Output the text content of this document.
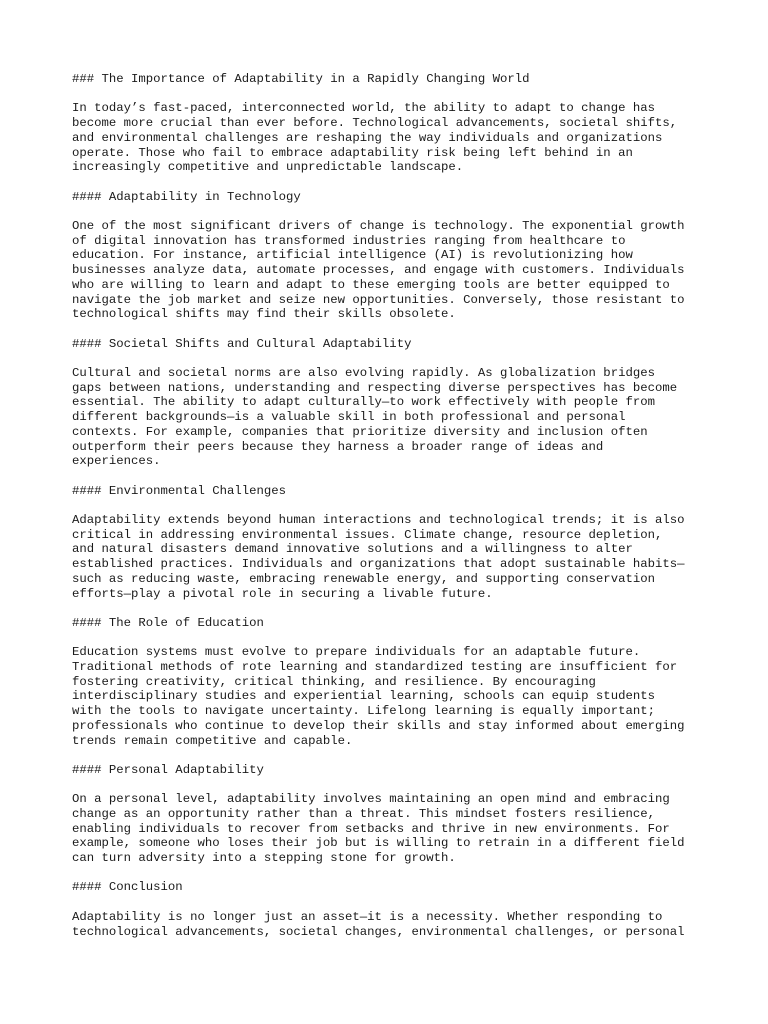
### The Importance of Adaptability in a Rapidly Changing World
In today’s fast-paced, interconnected world, the ability to adapt to change has
become more crucial than ever before. Technological advancements, societal shifts,
and environmental challenges are reshaping the way individuals and organizations
operate. Those who fail to embrace adaptability risk being left behind in an
increasingly competitive and unpredictable landscape.
#### Adaptability in Technology
One of the most significant drivers of change is technology. The exponential growth
of digital innovation has transformed industries ranging from healthcare to
education. For instance, artificial intelligence (AI) is revolutionizing how
businesses analyze data, automate processes, and engage with customers. Individuals
who are willing to learn and adapt to these emerging tools are better equipped to
navigate the job market and seize new opportunities. Conversely, those resistant to
technological shifts may find their skills obsolete.
#### Societal Shifts and Cultural Adaptability
Cultural and societal norms are also evolving rapidly. As globalization bridges
gaps between nations, understanding and respecting diverse perspectives has become
essential. The ability to adapt culturally—to work effectively with people from
different backgrounds—is a valuable skill in both professional and personal
contexts. For example, companies that prioritize diversity and inclusion often
outperform their peers because they harness a broader range of ideas and
experiences.
#### Environmental Challenges
Adaptability extends beyond human interactions and technological trends; it is also
critical in addressing environmental issues. Climate change, resource depletion,
and natural disasters demand innovative solutions and a willingness to alter
established practices. Individuals and organizations that adopt sustainable habits—
such as reducing waste, embracing renewable energy, and supporting conservation
efforts—play a pivotal role in securing a livable future.
#### The Role of Education
Education systems must evolve to prepare individuals for an adaptable future.
Traditional methods of rote learning and standardized testing are insufficient for
fostering creativity, critical thinking, and resilience. By encouraging
interdisciplinary studies and experiential learning, schools can equip students
with the tools to navigate uncertainty. Lifelong learning is equally important;
professionals who continue to develop their skills and stay informed about emerging
trends remain competitive and capable.
#### Personal Adaptability
On a personal level, adaptability involves maintaining an open mind and embracing
change as an opportunity rather than a threat. This mindset fosters resilience,
enabling individuals to recover from setbacks and thrive in new environments. For
example, someone who loses their job but is willing to retrain in a different field
can turn adversity into a stepping stone for growth.
#### Conclusion
Adaptability is no longer just an asset—it is a necessity. Whether responding to
technological advancements, societal changes, environmental challenges, or personal
